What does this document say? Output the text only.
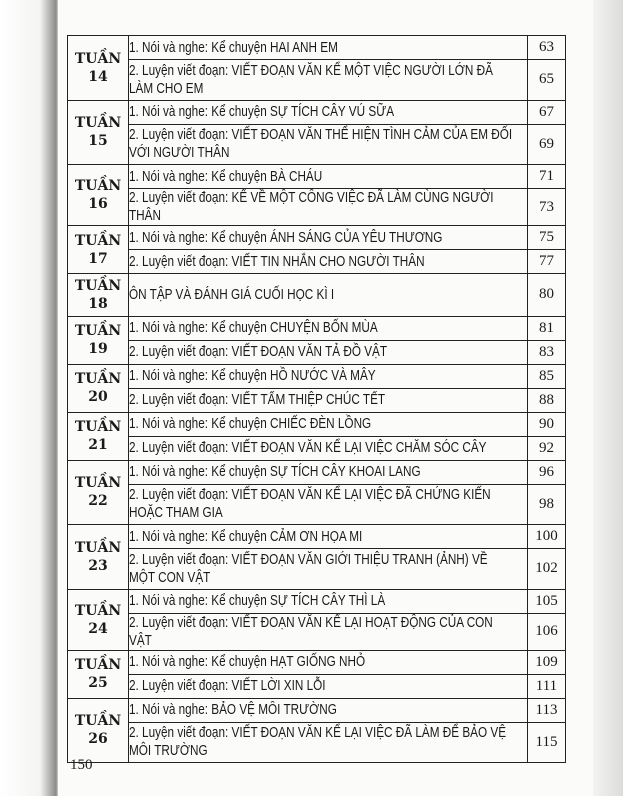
TUẦN
14	1. Nói và nghe: Kể chuyện HAI ANH EM	63

	2. Luyện viết đoạn: VIẾT ĐOẠN VĂN KỂ MỘT VIỆC NGƯỜI LỚN ĐÃ LÀM CHO EM	65

TUẦN
15	1. Nói và nghe: Kể chuyện SỰ TÍCH CÂY VÚ SỮA	67

	2. Luyện viết đoạn: VIẾT ĐOẠN VĂN THỂ HIỆN TÌNH CẢM CỦA EM ĐỐI VỚI NGƯỜI THÂN	69

TUẦN
16	1. Nói và nghe: Kể chuyện BÀ CHÁU	71

	2. Luyện viết đoạn: KỂ VỀ MỘT CÔNG VIỆC ĐÃ LÀM CÙNG NGƯỜI THÂN	73

TUẦN
17	1. Nói và nghe: Kể chuyện ÁNH SÁNG CỦA YÊU THƯƠNG	75

	2. Luyện viết đoạn: VIẾT TIN NHẮN CHO NGƯỜI THÂN	77

TUẦN
18	ÔN TẬP VÀ ĐÁNH GIÁ CUỐI HỌC KÌ I	80

TUẦN
19	1. Nói và nghe: Kể chuyện CHUYỆN BỐN MÙA	81

	2. Luyện viết đoạn: VIẾT ĐOẠN VĂN TẢ ĐỒ VẬT	83

TUẦN
20	1. Nói và nghe: Kể chuyện HỒ NƯỚC VÀ MÂY	85

	2. Luyện viết đoạn: VIẾT TẤM THIỆP CHÚC TẾT	88

TUẦN
21	1. Nói và nghe: Kể chuyện CHIẾC ĐÈN LỒNG	90

	2. Luyện viết đoạn: VIẾT ĐOẠN VĂN KỂ LẠI VIỆC CHĂM SÓC CÂY	92

TUẦN
22	1. Nói và nghe: Kể chuyện SỰ TÍCH CÂY KHOAI LANG	96

	2. Luyện viết đoạn: VIẾT ĐOẠN VĂN KỂ LẠI VIỆC ĐÃ CHỨNG KIẾN HOẶC THAM GIA	98

TUẦN
23	1. Nói và nghe: Kể chuyện CẢM ƠN HỌA MI	100

	2. Luyện viết đoạn: VIẾT ĐOẠN VĂN GIỚI THIỆU TRANH (ẢNH) VỀ MỘT CON VẬT	102

TUẦN
24	1. Nói và nghe: Kể chuyện SỰ TÍCH CÂY THÌ LÀ	105

	2. Luyện viết đoạn: VIẾT ĐOẠN VĂN KỂ LẠI HOẠT ĐỘNG CỦA CON VẬT	106

TUẦN
25	1. Nói và nghe: Kể chuyện HẠT GIỐNG NHỎ	109

	2. Luyện viết đoạn: VIẾT LỜI XIN LỖI	111

TUẦN
26	1. Nói và nghe: BẢO VỆ MÔI TRƯỜNG	113

	2. Luyện viết đoạn: VIẾT ĐOẠN VĂN KỂ LẠI VIỆC ĐÃ LÀM ĐỂ BẢO VỆ MÔI TRƯỜNG	115
150
